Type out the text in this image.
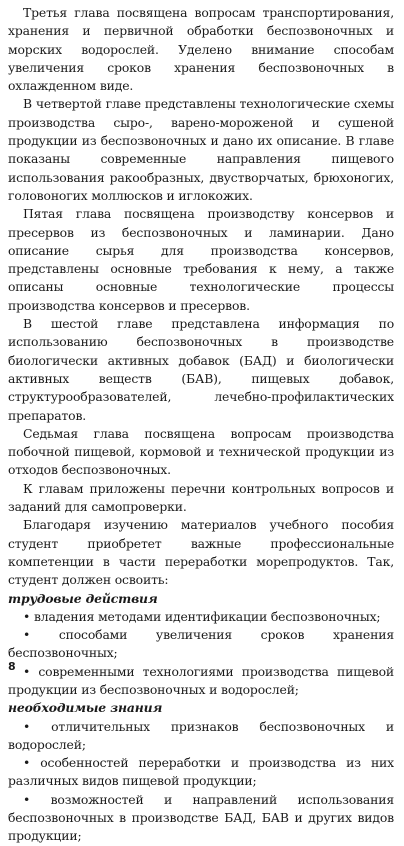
Третья глава посвящена вопросам транспортирования, хранения и первичной обработки беспозвоночных и морских водорослей. Уделено внимание способам увеличения сроков хранения беспозвоночных в охлажденном виде.

В четвертой главе представлены технологические схемы производства сыро-, варено-мороженой и сушеной продукции из беспозвоночных и дано их описание. В главе показаны современные направления пищевого использования ракообразных, двустворчатых, брюхоногих, головоногих моллюсков и иглокожих.

Пятая глава посвящена производству консервов и пресервов из беспозвоночных и ламинарии. Дано описание сырья для производства консервов, представлены основные требования к нему, а также описаны основные технологические процессы производства консервов и пресервов.

В шестой главе представлена информация по использованию беспозвоночных в производстве биологически активных добавок (БАД) и биологически активных веществ (БАВ), пищевых добавок, структурообразователей, лечебно-профилактических препаратов.

Седьмая глава посвящена вопросам производства побочной пищевой, кормовой и технической продукции из отходов беспозвоночных.

К главам приложены перечни контрольных вопросов и заданий для самопроверки.

Благодаря изучению материалов учебного пособия студент приобретет важные профессиональные компетенции в части переработки морепродуктов. Так, студент должен освоить:

трудовые действия

• владения методами идентификации беспозвоночных;

• способами увеличения сроков хранения беспозвоночных;

• современными технологиями производства пищевой продукции из беспозвоночных и водорослей;

необходимые знания

• отличительных признаков беспозвоночных и водорослей;

• особенностей переработки и производства из них различных видов пищевой продукции;

• возможностей и направлений использования беспозвоночных в производстве БАД, БАВ и других видов продукции;

8
